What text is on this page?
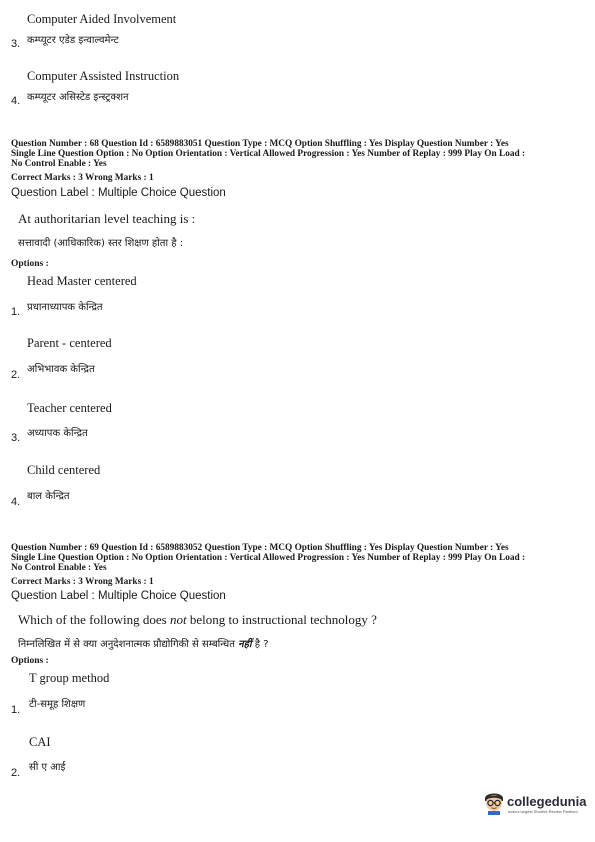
Computer Aided Involvement
3. कम्प्यूटर एडेड इन्वाल्वमेन्ट
Computer Assisted Instruction
4. कम्प्यूटर असिस्टेड इन्स्ट्रक्शन
Question Number : 68 Question Id : 6589883051 Question Type : MCQ Option Shuffling : Yes Display Question Number : Yes
Single Line Question Option : No Option Orientation : Vertical Allowed Progression : Yes Number of Replay : 999 Play On Load :
No Control Enable : Yes
Correct Marks : 3 Wrong Marks : 1
Question Label : Multiple Choice Question
At authoritarian level teaching is :
सत्तावादी (आधिकारिक) स्तर शिक्षण होता है :
Options :
Head Master centered
प्रधानाध्यापक केन्द्रित
1.
Parent - centered
अभिभावक केन्द्रित
2.
Teacher centered
अध्यापक केन्द्रित
3.
Child centered
बाल केन्द्रित
4.
Question Number : 69 Question Id : 6589883052 Question Type : MCQ Option Shuffling : Yes Display Question Number : Yes
Single Line Question Option : No Option Orientation : Vertical Allowed Progression : Yes Number of Replay : 999 Play On Load :
No Control Enable : Yes
Correct Marks : 3 Wrong Marks : 1
Question Label : Multiple Choice Question
Which of the following does not belong to instructional technology ?
निम्नलिखित में से क्या अनुदेशनात्मक प्रौद्योगिकी से सम्बन्धित नहीं है ?
Options :
T group method
टी-समूह शिक्षण
1.
CAI
सी ए आई
2.
collegedunia
India's largest Student Review Platform
